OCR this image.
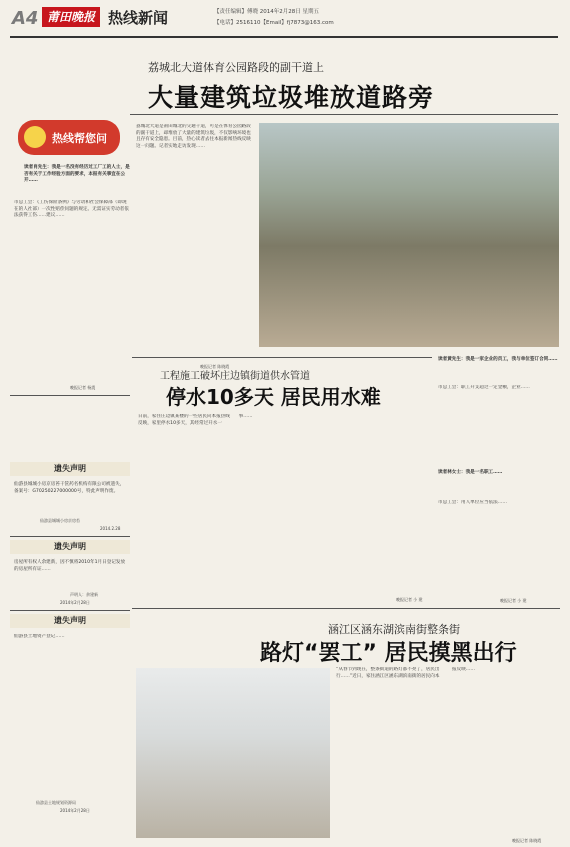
A4 莆田晚报 热线新闻	【责任编辑】傅晓 2014年2月28日 星期五
【电话】2516110【Email】fj7873@163.com
荔城北大道体育公园路段的副干道上
大量建筑垃圾堆放道路旁
热线帮您问
读者肖先生：我是一名没有经历过工厂工的人士，是否有关于工作经验方面的要求，本报有关事宜在公开……
市总工会：《工伤保险条例》与劳动和社会保障部（即现在的人社部）一次性赔偿问题的规定。无需证实劳动者依法获得工伤……建议……
晚报记者 杨震
遗失声明
仙游县城城小房京房苔干筐药名机构有限公司被遗失，备案号：G70250227000000号，特此声明作废。
仙游县城城小房京房苔
2014.2.28
遗失声明
房屋所有权人余建新，因不慎将2010年1月日登记发放的房屋所有证……
声明人：余建新
2014年2月28日
遗失声明
仙游县土地资产登记……
仙游县土地规划资源局
2014年2月28日
荔城北大道是莆田城北的交通干道，可是在体育公园路段的副干道上，却堆放了大量的建筑垃圾，不仅影响环境也且存有安全隐患。目前，热心读者去往本报新闻热线反映这一问题。记者实地走访发现……
晚报记者 陈晓霞
读者黄先生：我是一家企业的员工，我与单位签订合同……
市总工会：职工开支超过一定金额，企业……
读者林女士：我是一名职工……
市总工会：用人单位应当依法……
晚报记者 小 建
工程施工破坏庄边镇街道供水管道
停水10多天 居民用水难
日前，家住庄边镇某楼的一些居民向本报热线反映，家里停水10多天，其经常过开水一事……
晚报记者 小 建
涵江区涵东湖滨南街整条街
路灯“罢工” 居民摸黑出行
“从春节到现在，整条街道的路灯都不亮了，居民出行……”近日，家住涵江区涵东湖滨南街的居民向本报反映……
晚报记者 陈晓霞
